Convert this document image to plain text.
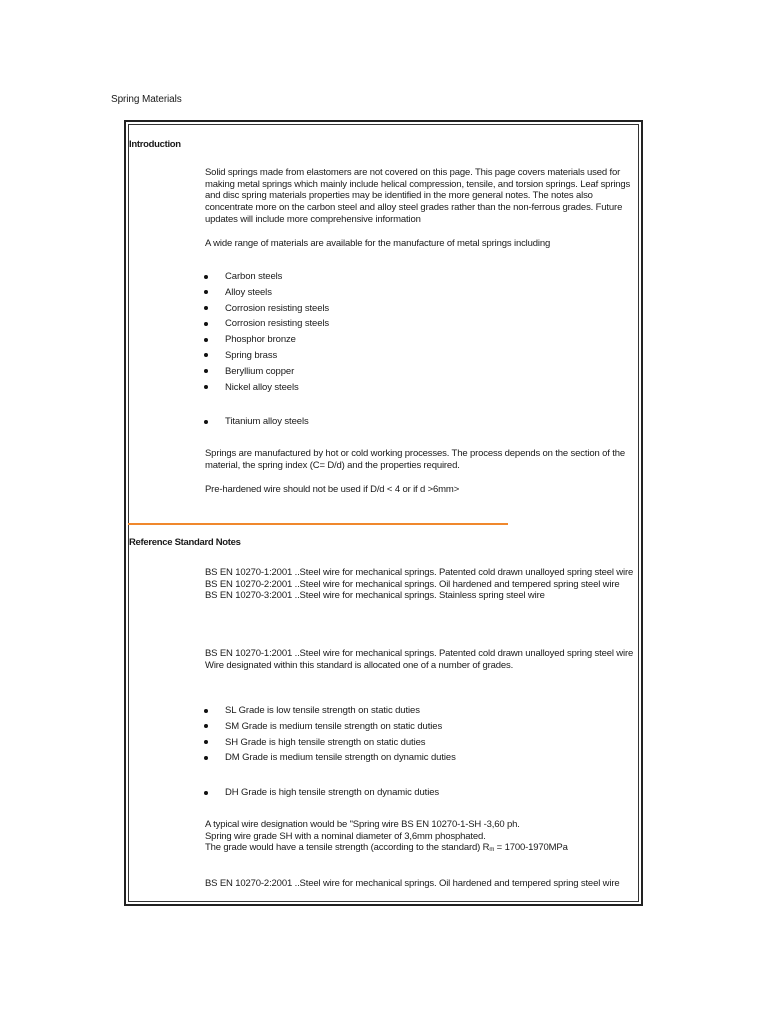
Spring Materials
Introduction
Solid springs made from elastomers are not covered on this page. This page covers materials used for making metal springs which mainly include helical compression, tensile, and torsion springs. Leaf springs and disc spring materials properties may be identified in the more general notes. The notes also concentrate more on the carbon steel and alloy steel grades rather than the non-ferrous grades. Future updates will include more comprehensive information
A wide range of materials are available for the manufacture of metal springs including
Carbon steels
Alloy steels
Corrosion resisting steels
Corrosion resisting steels
Phosphor bronze
Spring brass
Beryllium copper
Nickel alloy steels
Titanium alloy steels
Springs are manufactured by hot or cold working processes. The process depends on the section of the material, the spring index (C= D/d) and the properties required.
Pre-hardened wire should not be used if D/d < 4 or if d >6mm>
Reference Standard Notes
BS EN 10270-1:2001 ..Steel wire for mechanical springs. Patented cold drawn unalloyed spring steel wire
BS EN 10270-2:2001 ..Steel wire for mechanical springs. Oil hardened and tempered spring steel wire
BS EN 10270-3:2001 ..Steel wire for mechanical springs. Stainless spring steel wire
BS EN 10270-1:2001 ..Steel wire for mechanical springs. Patented cold drawn unalloyed spring steel wire
Wire designated within this standard is allocated one of a number of grades.
SL Grade is low tensile strength on static duties
SM Grade is medium tensile strength on static duties
SH Grade is high tensile strength on static duties
DM Grade is medium tensile strength on dynamic duties
DH Grade is high tensile strength on dynamic duties
A typical wire designation would be "Spring wire BS EN 10270-1-SH -3,60 ph.
Spring wire grade SH with a nominal diameter of 3,6mm phosphated.
The grade would have a tensile strength (according to the standard) Rm = 1700-1970MPa
BS EN 10270-2:2001 ..Steel wire for mechanical springs. Oil hardened and tempered spring steel wire
